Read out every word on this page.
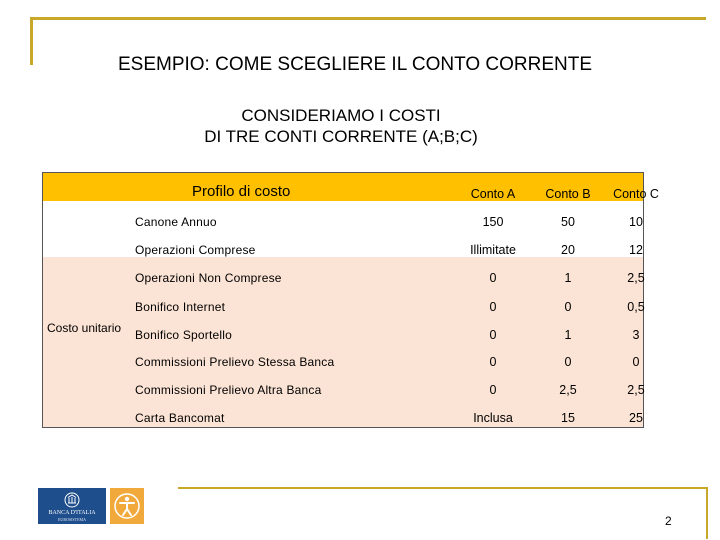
ESEMPIO: COME SCEGLIERE IL CONTO CORRENTE
CONSIDERIAMO I COSTI
DI TRE CONTI CORRENTE (A;B;C)
Profilo di costo	Conto A	Conto B	Conto C
Costo unitario
Canone Annuo	150	50	10
Operazioni Comprese	Illimitate	20	12
Operazioni Non Comprese	0	1	2,5
Bonifico Internet	0	0	0,5
Bonifico Sportello	0	1	3
Commissioni Prelievo Stessa Banca	0	0	0
Commissioni Prelievo Altra Banca	0	2,5	2,5
Carta Bancomat	Inclusa	15	25
BANCA D'ITALIA
EUROSISTEMA	2
